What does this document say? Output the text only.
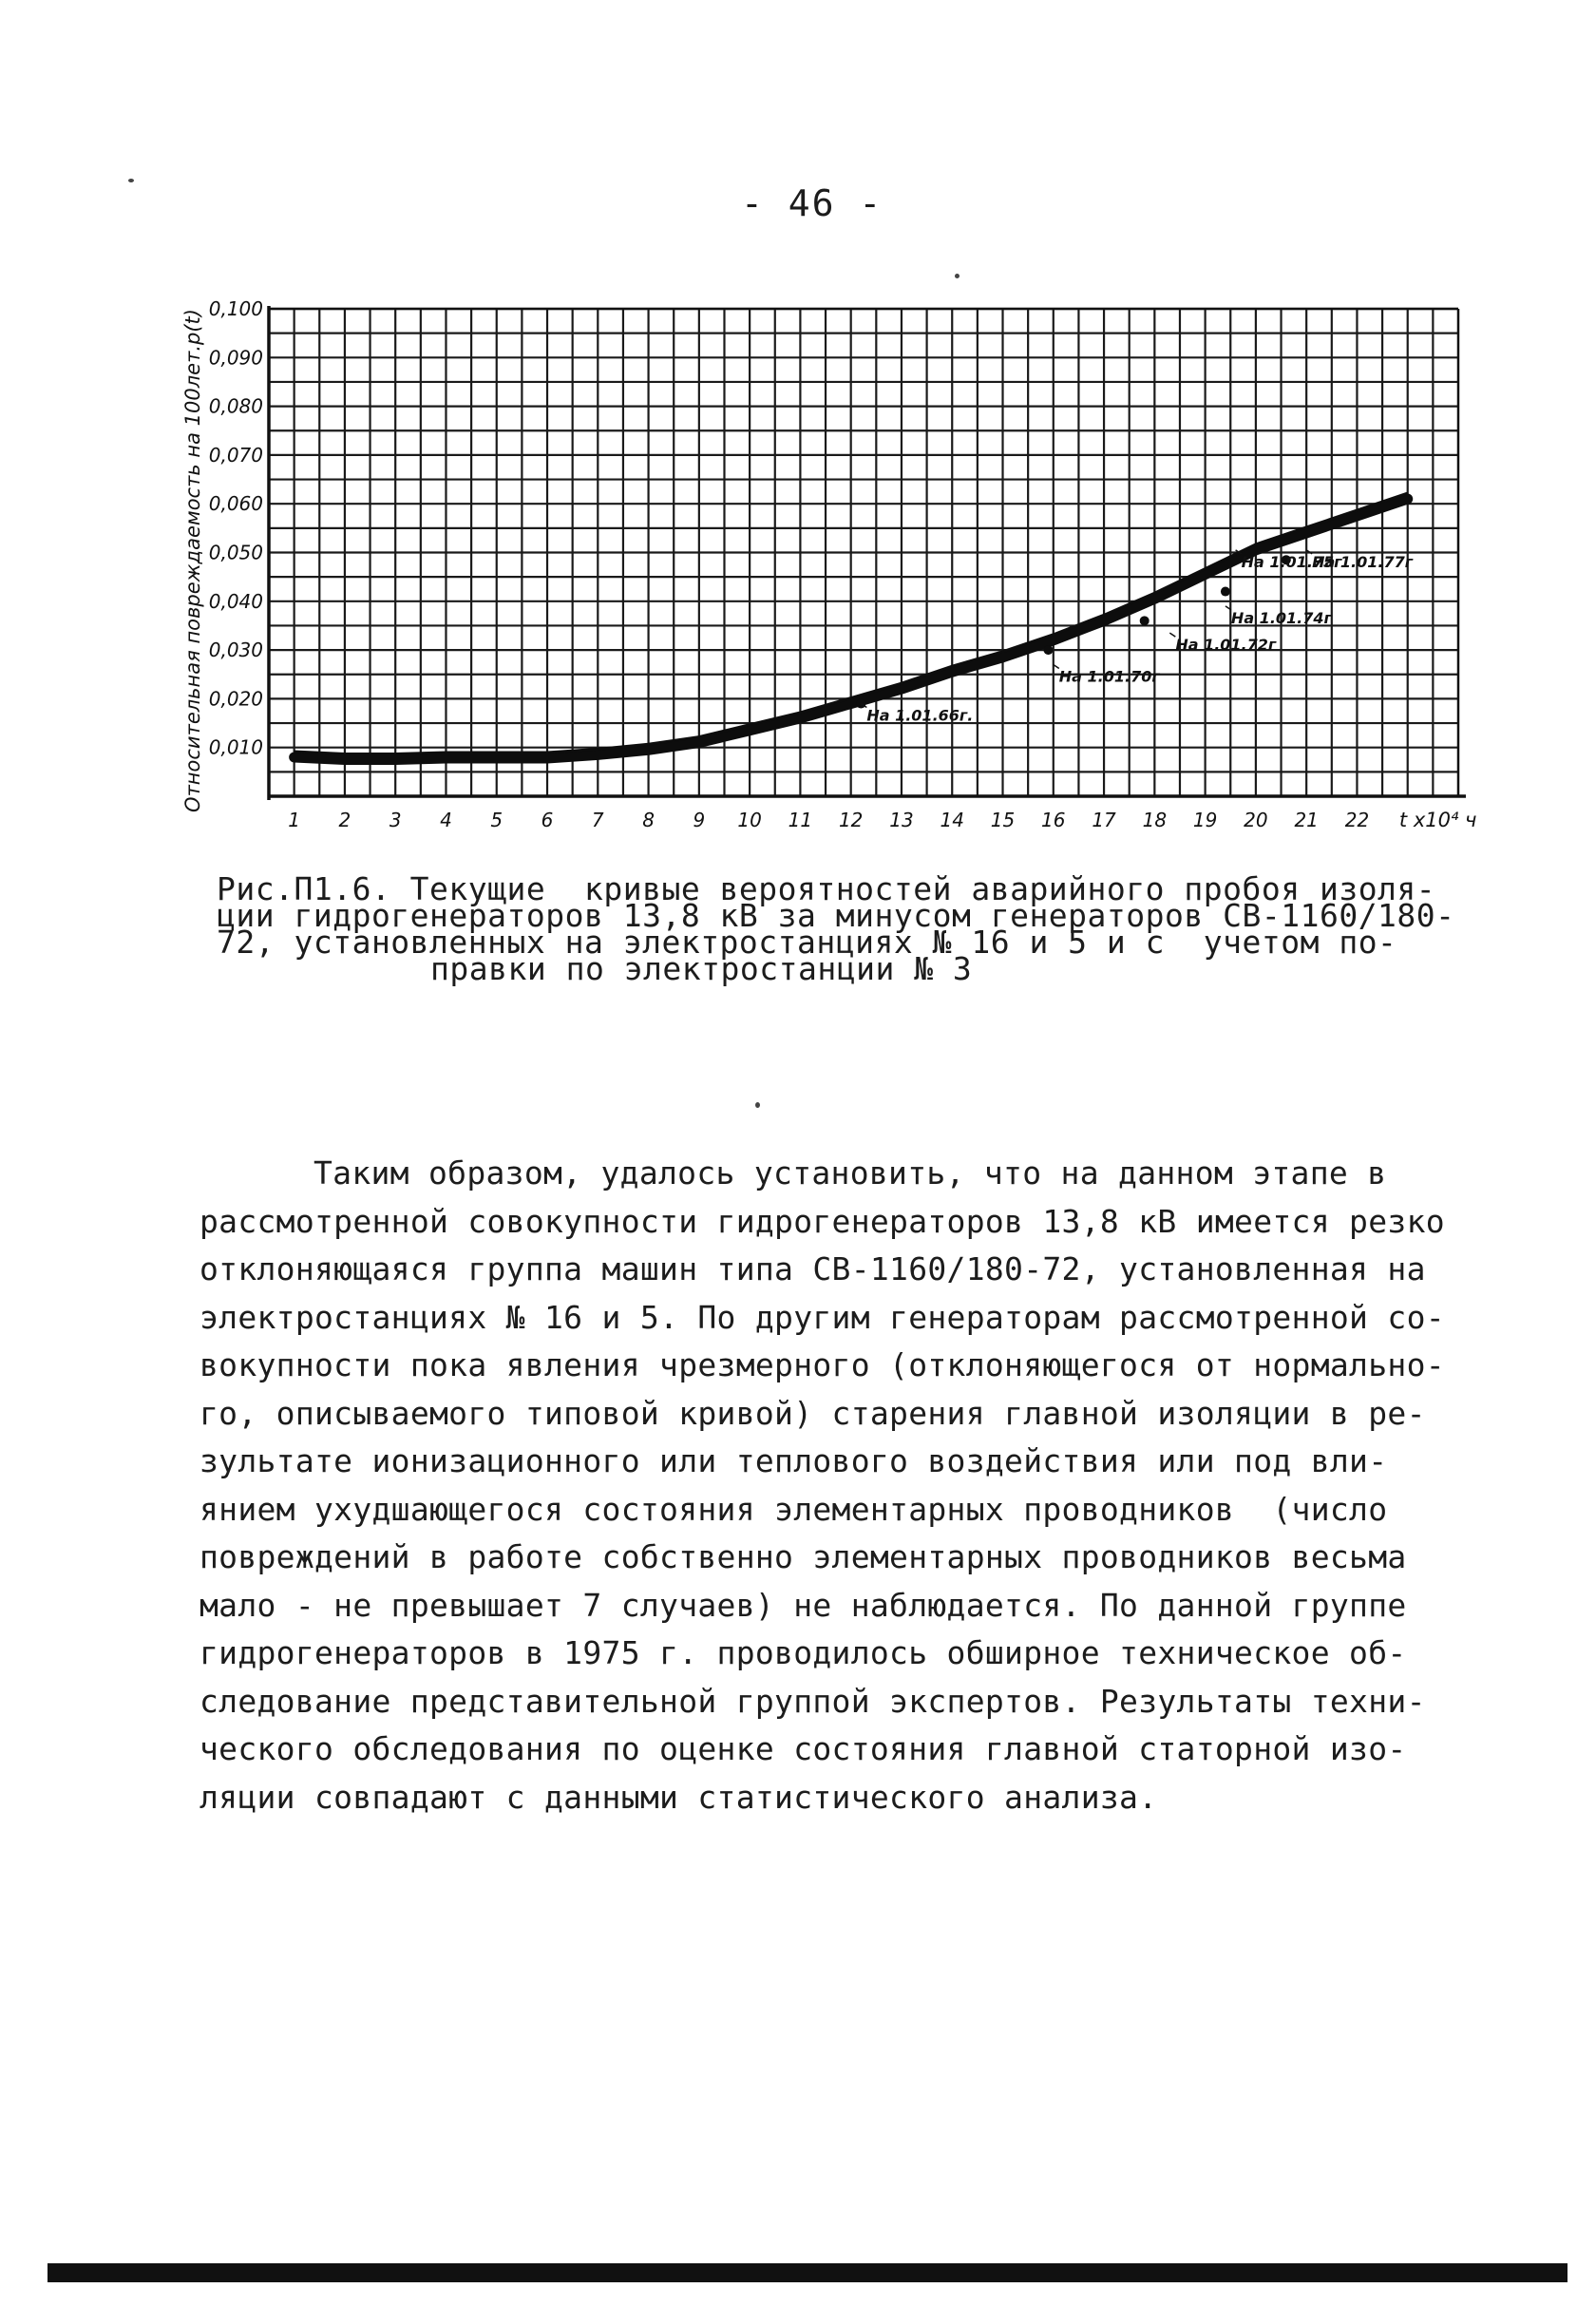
- 46 -
0,010
0,020
0,030
0,040
0,050
0,060
0,070
0,080
0,090
0,100
1 2 3 4 5 6 7 8 9 10 11 12 13 14 15 16 17 18 19 20 21 22 t x10⁴ ч
Относительная повреждаемость на 100лет.p(t)	На 1.01.66г.
На 1.01.70г
На 1.01.72г
На 1.01.74г
На 1.01.75г
На 1.01.77г
Рис.П1.6. Текущие  кривые вероятностей аварийного пробоя изоля-
ции гидрогенераторов 13,8 кВ за минусом генераторов СВ-1160/180-
72, установленных на электростанциях № 16 и 5 и с  учетом по-
правки по электростанции № 3
Таким образом, удалось установить, что на данном этапе в
рассмотренной совокупности гидрогенераторов 13,8 кВ имеется резко
отклоняющаяся группа машин типа СВ-1160/180-72, установленная на
электростанциях № 16 и 5. По другим генераторам рассмотренной со-
вокупности пока явления чрезмерного (отклоняющегося от нормально-
го, описываемого типовой кривой) старения главной изоляции в ре-
зультате ионизационного или теплового воздействия или под вли-
янием ухудшающегося состояния элементарных проводников  (число
повреждений в работе собственно элементарных проводников весьма
мало - не превышает 7 случаев) не наблюдается. По данной группе
гидрогенераторов в 1975 г. проводилось обширное техническое об-
следование представительной группой экспертов. Результаты техни-
ческого обследования по оценке состояния главной статорной изо-
ляции совпадают с данными статистического анализа.
